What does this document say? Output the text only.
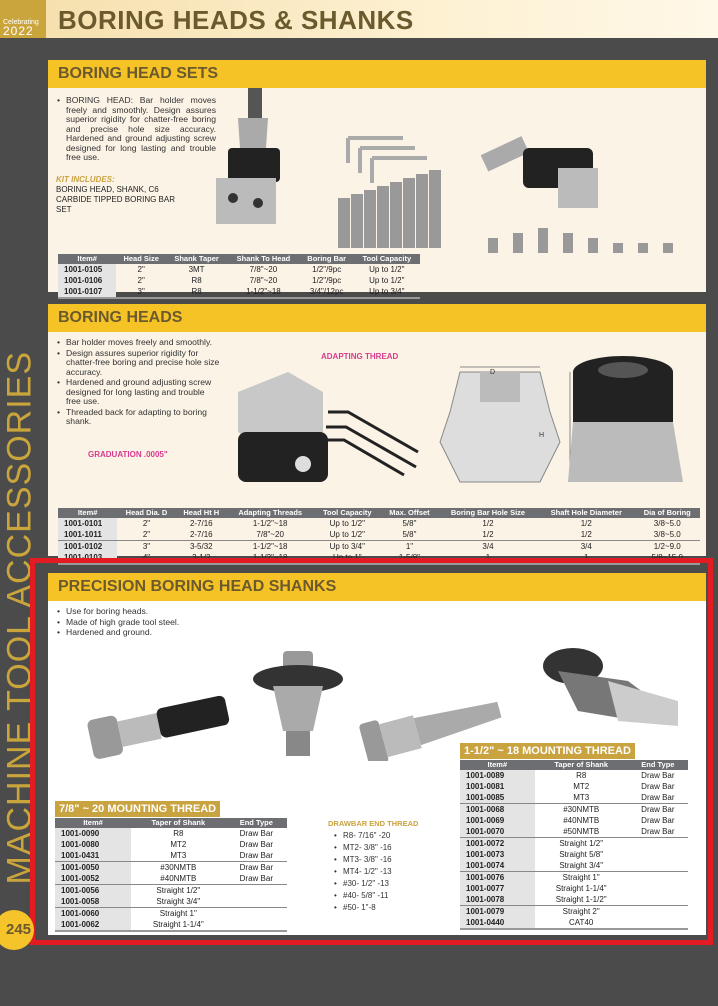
Celebrating
2022 BORING HEADS & SHANKS
MACHINE TOOL ACCESSORIES
BORING HEAD SETS
• BORING HEAD: Bar holder moves freely and smoothly. Design assures superior rigidity for chatter-free boring and precise hole size accuracy. Hardened and ground adjusting screw designed for long lasting and trouble free use.
KIT INCLUDES:
BORING HEAD, SHANK, C6 CARBIDE TIPPED BORING BAR SET
Item#	Head Size	Shank Taper	Shank To Head	Boring Bar	Tool Capacity
1001-0105	2"	3MT	7/8"~20	1/2"/9pc	Up to 1/2"
1001-0106	2"	R8	7/8"~20	1/2"/9pc	Up to 1/2"
1001-0107	3"	R8	1-1/2"~18	3/4"/12pc	Up to 3/4"
BORING HEADS
• Bar holder moves freely and smoothly.
• Design assures superior rigidity for chatter-free boring and precise hole size accuracy.
• Hardened and ground adjusting screw designed for long lasting and trouble free use.
• Threaded back for adapting to boring shank.
GRADUATION .0005"
ADAPTING THREAD
D
H
Item#	Head Dia. D	Head Ht H	Adapting Threads	Tool Capacity	Max. Offset	Boring Bar Hole Size	Shaft Hole Diameter	Dia of Boring
1001-0101	2"	2-7/16	1-1/2"~18	Up to 1/2"	5/8"	1/2	1/2	3/8~5.0
1001-1011	2"	2-7/16	7/8"~20	Up to 1/2"	5/8"	1/2	1/2	3/8~5.0
1001-0102	3"	3-5/32	1-1/2"~18	Up to 3/4"	1"	3/4	3/4	1/2~9.0
1001-0103	4"	3-1/2	1-1/2"~18	Up to 1"	1-5/8"	1	1	5/8~15.0
PRECISION BORING HEAD SHANKS
• Use for boring heads.
• Made of high grade tool steel.
• Hardened and ground.
7/8" ~ 20 MOUNTING THREAD
Item#	Taper of Shank	End Type
1001-0090	R8	Draw Bar
1001-0080	MT2	Draw Bar
1001-0431	MT3	Draw Bar
1001-0050	#30NMTB	Draw Bar
1001-0052	#40NMTB	Draw Bar
1001-0056	Straight 1/2"	
1001-0058	Straight 3/4"	
1001-0060	Straight 1"	
1001-0062	Straight 1-1/4"	
DRAWBAR END THREAD
• R8- 7/16" -20
• MT2- 3/8" -16
• MT3- 3/8" -16
• MT4- 1/2" -13
• #30- 1/2" -13
• #40- 5/8" -11
• #50- 1"-8
1-1/2" ~ 18 MOUNTING THREAD
Item#	Taper of Shank	End Type
1001-0089	R8	Draw Bar
1001-0081	MT2	Draw Bar
1001-0085	MT3	Draw Bar
1001-0068	#30NMTB	Draw Bar
1001-0069	#40NMTB	Draw Bar
1001-0070	#50NMTB	Draw Bar
1001-0072	Straight 1/2"	
1001-0073	Straight 5/8"	
1001-0074	Straight 3/4"	
1001-0076	Straight 1"	
1001-0077	Straight 1-1/4"	
1001-0078	Straight 1-1/2"	
1001-0079	Straight 2"	
1001-0440	CAT40	
245
